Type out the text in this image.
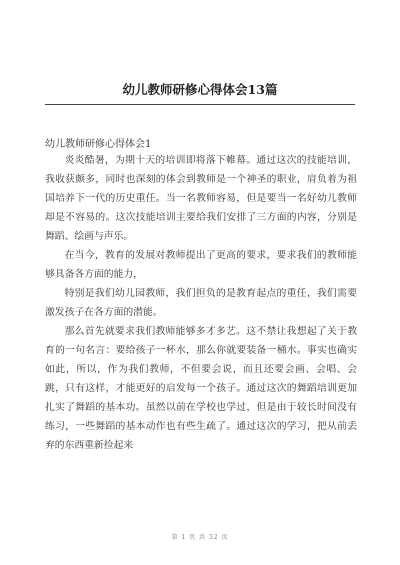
幼儿教师研修心得体会13篇
幼儿教师研修心得体会1

炎炎酷暑，为期十天的培训即将落下帷幕。通过这次的技能培训，我收获颇多，同时也深刻的体会到教师是一个神圣的职业，肩负着为祖国培养下一代的历史重任。当一名教师容易，但是要当一名好幼儿教师却是不容易的。这次技能培训主要给我们安排了三方面的内容，分别是舞蹈、绘画与声乐。

在当今，教育的发展对教师提出了更高的要求，要求我们的教师能够具备各方面的能力，

特别是我们幼儿园教师，我们担负的是教育起点的重任，我们需要激发孩子在各方面的潜能。

那么首先就要求我们教师能够多才多艺。这不禁让我想起了关于教育的一句名言：要给孩子一杯水，那么你就要装备一桶水。事实也确实如此，所以，作为我们教师，不但要会说，而且还要会画、会唱、会跳，只有这样，才能更好的启发每一个孩子。通过这次的舞蹈培训更加扎实了舞蹈的基本功。虽然以前在学校也学过，但是由于较长时间没有练习，一些舞蹈的基本动作也有些生疏了。通过这次的学习，把从前丢弃的东西重新捡起来

第 1 页 共 32 页
